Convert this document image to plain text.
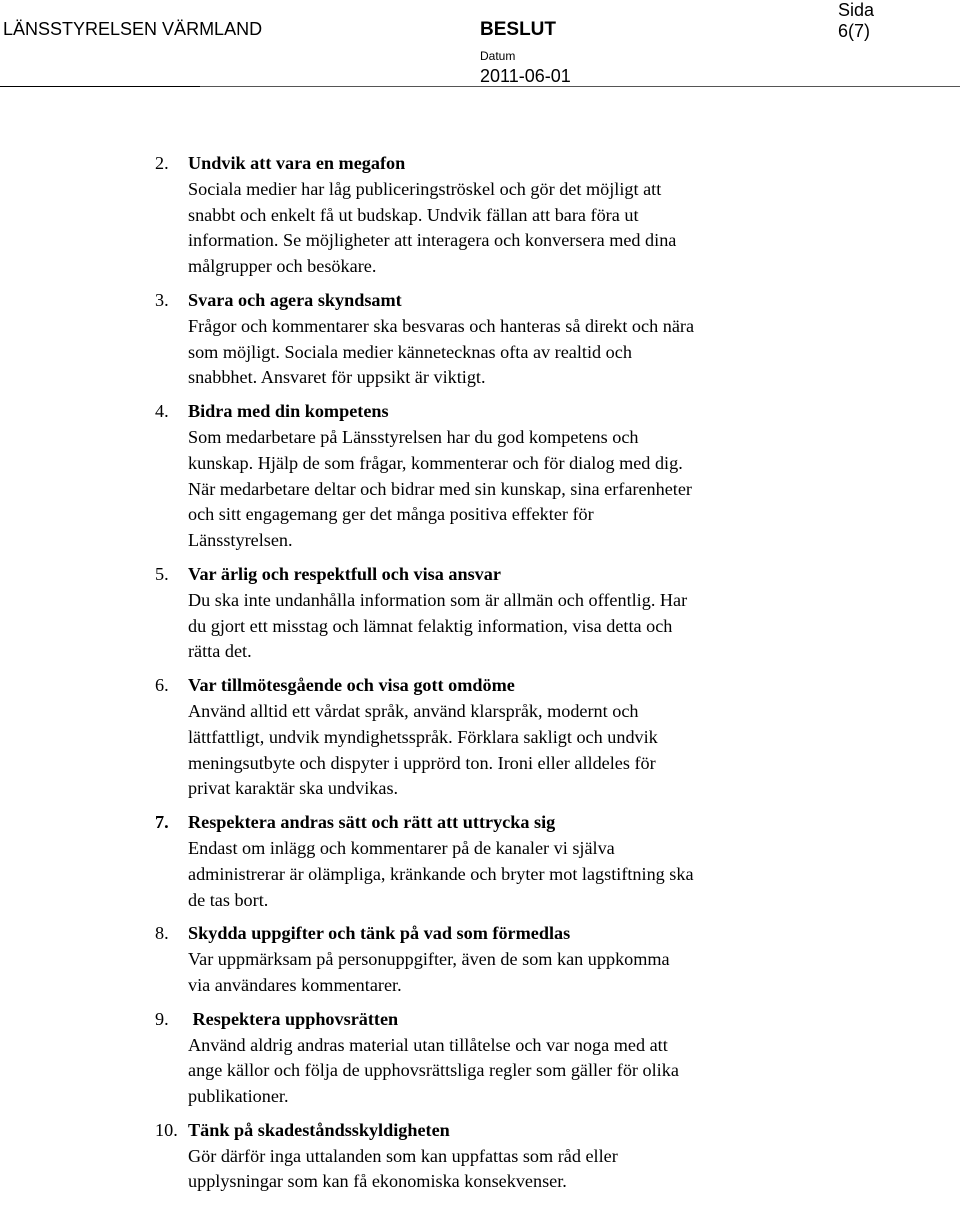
LÄNSSTYRELSEN VÄRMLAND	BESLUT
Datum
2011-06-01
Sida
6(7)
2. Undvik att vara en megafon
Sociala medier har låg publiceringströskel och gör det möjligt att
snabbt och enkelt få ut budskap. Undvik fällan att bara föra ut
information. Se möjligheter att interagera och konversera med dina
målgrupper och besökare.
3. Svara och agera skyndsamt
Frågor och kommentarer ska besvaras och hanteras så direkt och nära
som möjligt. Sociala medier kännetecknas ofta av realtid och
snabbhet. Ansvaret för uppsikt är viktigt.
4. Bidra med din kompetens
Som medarbetare på Länsstyrelsen har du god kompetens och
kunskap. Hjälp de som frågar, kommenterar och för dialog med dig.
När medarbetare deltar och bidrar med sin kunskap, sina erfarenheter
och sitt engagemang ger det många positiva effekter för
Länsstyrelsen.
5. Var ärlig och respektfull och visa ansvar
Du ska inte undanhålla information som är allmän och offentlig. Har
du gjort ett misstag och lämnat felaktig information, visa detta och
rätta det.
6. Var tillmötesgående och visa gott omdöme
Använd alltid ett vårdat språk, använd klarspråk, modernt och
lättfattligt, undvik myndighetsspråk. Förklara sakligt och undvik
meningsutbyte och dispyter i upprörd ton. Ironi eller alldeles för
privat karaktär ska undvikas.
7. Respektera andras sätt och rätt att uttrycka sig
Endast om inlägg och kommentarer på de kanaler vi själva
administrerar är olämpliga, kränkande och bryter mot lagstiftning ska
de tas bort.
8. Skydda uppgifter och tänk på vad som förmedlas
Var uppmärksam på personuppgifter, även de som kan uppkomma
via användares kommentarer.
9. Respektera upphovsrätten
Använd aldrig andras material utan tillåtelse och var noga med att
ange källor och följa de upphovsrättsliga regler som gäller för olika
publikationer.
10. Tänk på skadeståndsskyldigheten
Gör därför inga uttalanden som kan uppfattas som råd eller
upplysningar som kan få ekonomiska konsekvenser.
